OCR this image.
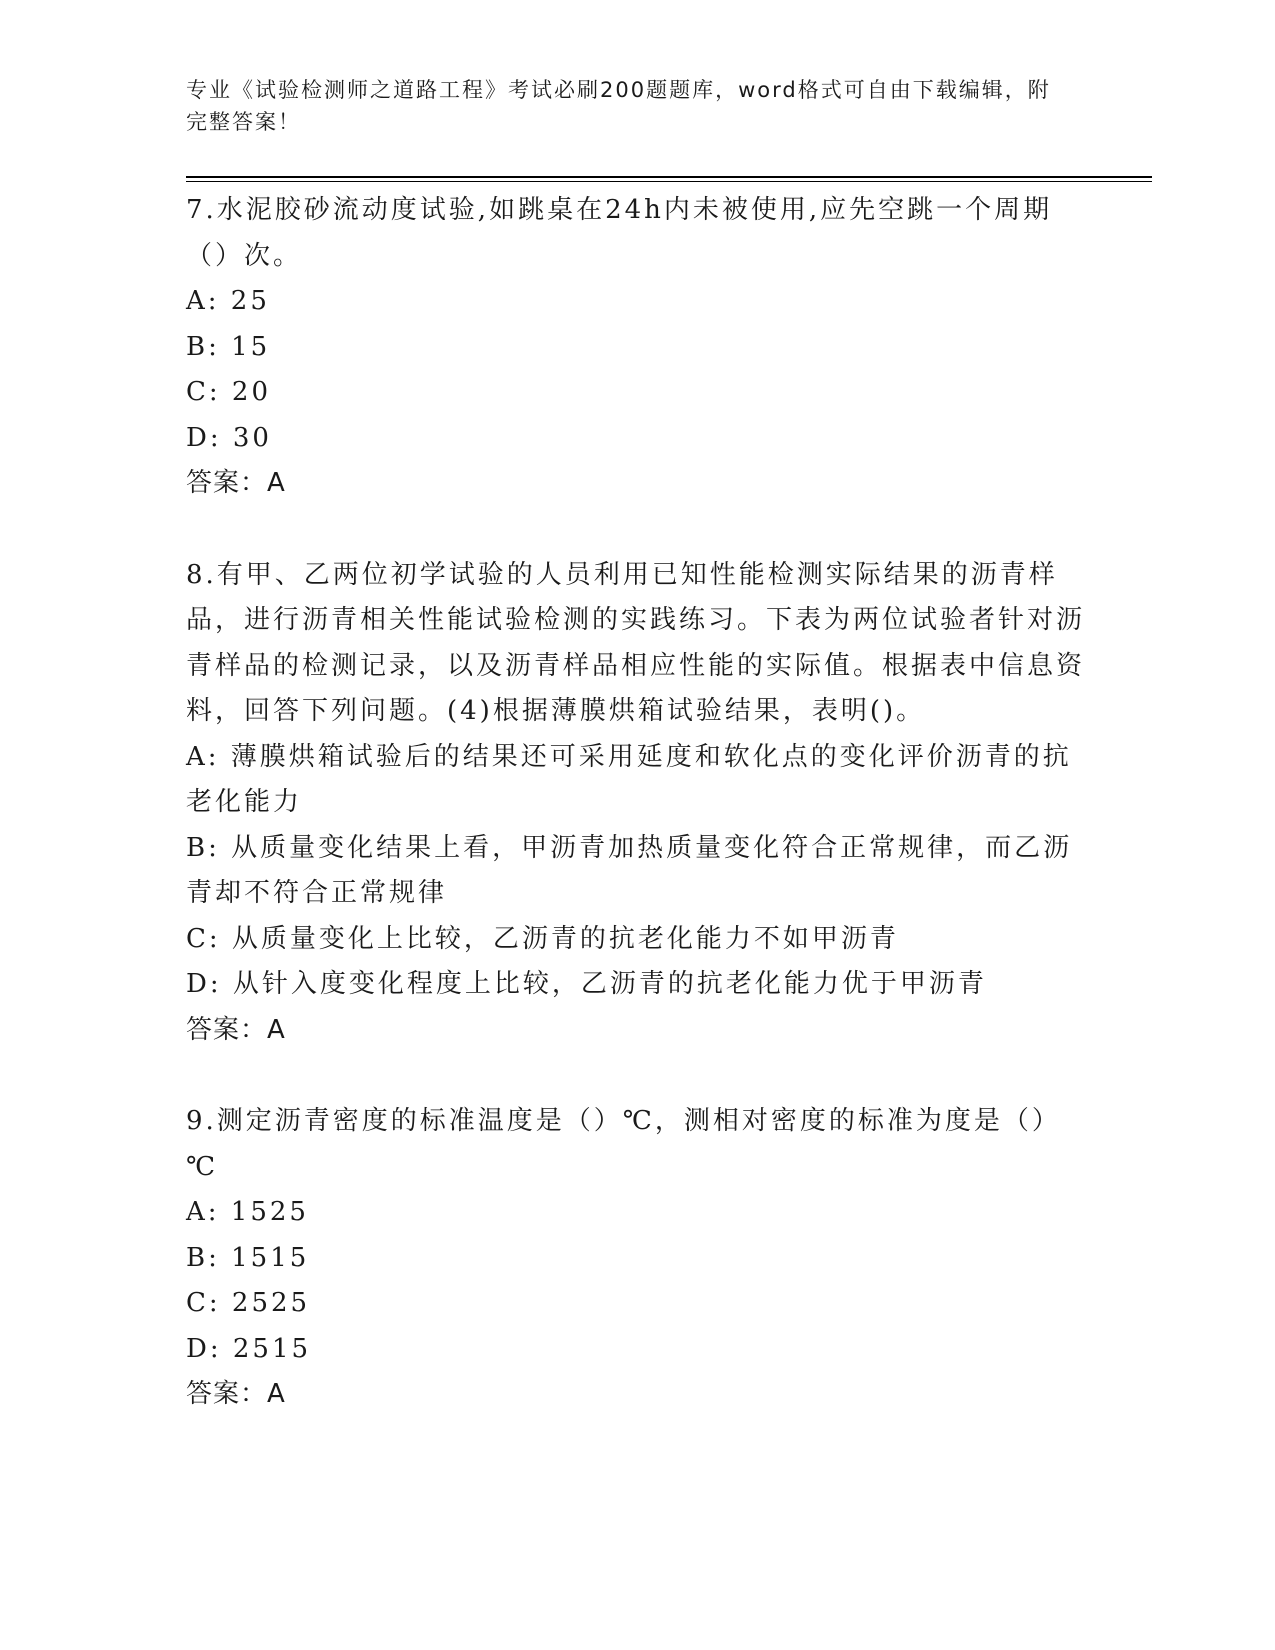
专业《试验检测师之道路工程》考试必刷200题题库，word格式可自由下载编辑，附完整答案！

7.水泥胶砂流动度试验,如跳桌在24h内未被使用,应先空跳一个周期（）次。

A: 25

B: 15

C: 20

D: 30

答案：A

8.有甲、乙两位初学试验的人员利用已知性能检测实际结果的沥青样品，进行沥青相关性能试验检测的实践练习。下表为两位试验者针对沥青样品的检测记录，以及沥青样品相应性能的实际值。根据表中信息资料，回答下列问题。(4)根据薄膜烘箱试验结果，表明()。

A: 薄膜烘箱试验后的结果还可采用延度和软化点的变化评价沥青的抗老化能力

B: 从质量变化结果上看，甲沥青加热质量变化符合正常规律，而乙沥青却不符合正常规律

C: 从质量变化上比较，乙沥青的抗老化能力不如甲沥青

D: 从针入度变化程度上比较，乙沥青的抗老化能力优于甲沥青

答案：A

9.测定沥青密度的标准温度是（）℃，测相对密度的标准为度是（）℃

A: 1525

B: 1515

C: 2525

D: 2515

答案：A
